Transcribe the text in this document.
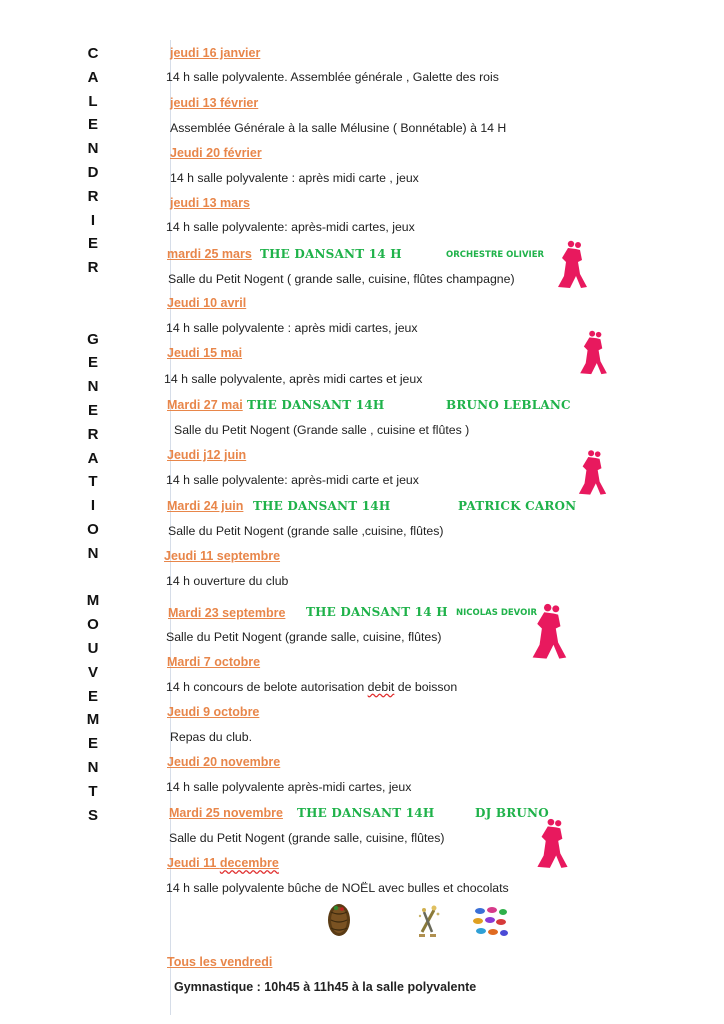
C
A
L
E
N
D
R
I
E
R
G
E
N
E
R
A
T
I
O
N
M
O
U
V
E
M
E
N
T
S
jeudi 16 janvier
14 h salle polyvalente. Assemblée générale , Galette des rois
jeudi 13 février
Assemblée Générale à la salle Mélusine ( Bonnétable) à 14 H
Jeudi 20 février
14 h salle polyvalente : après midi carte , jeux
jeudi 13 mars
14 h salle polyvalente: après-midi cartes, jeux
mardi 25 mars THE DANSANT 14 H	ORCHESTRE OLIVIER
Salle du Petit Nogent ( grande salle, cuisine, flûtes champagne)
Jeudi 10 avril
14 h salle polyvalente : après midi cartes, jeux
Jeudi 15 mai
14 h salle polyvalente, après midi cartes et jeux
Mardi 27 mai THE DANSANT 14H	BRUNO LEBLANC
Salle du Petit Nogent (Grande salle , cuisine et flûtes )
Jeudi j12 juin
14 h salle polyvalente: après-midi carte et jeux
Mardi 24 juin THE DANSANT 14H	PATRICK CARON
Salle du Petit Nogent (grande salle ,cuisine, flûtes)
Jeudi 11 septembre
14 h ouverture du club
Mardi 23 septembre THE DANSANT 14 H NICOLAS DEVOIR
Salle du Petit Nogent (grande salle, cuisine, flûtes)
Mardi 7 octobre
14 h concours de belote autorisation debit de boisson
Jeudi 9 octobre
Repas du club.
Jeudi 20 novembre
14 h salle polyvalente après-midi cartes, jeux
Mardi 25 novembre THE DANSANT 14H	DJ BRUNO
Salle du Petit Nogent (grande salle, cuisine, flûtes)
Jeudi 11 decembre
14 h salle polyvalente bûche de NOËL avec bulles et chocolats
Tous les vendredi
Gymnastique : 10h45 à 11h45 à la salle polyvalente
